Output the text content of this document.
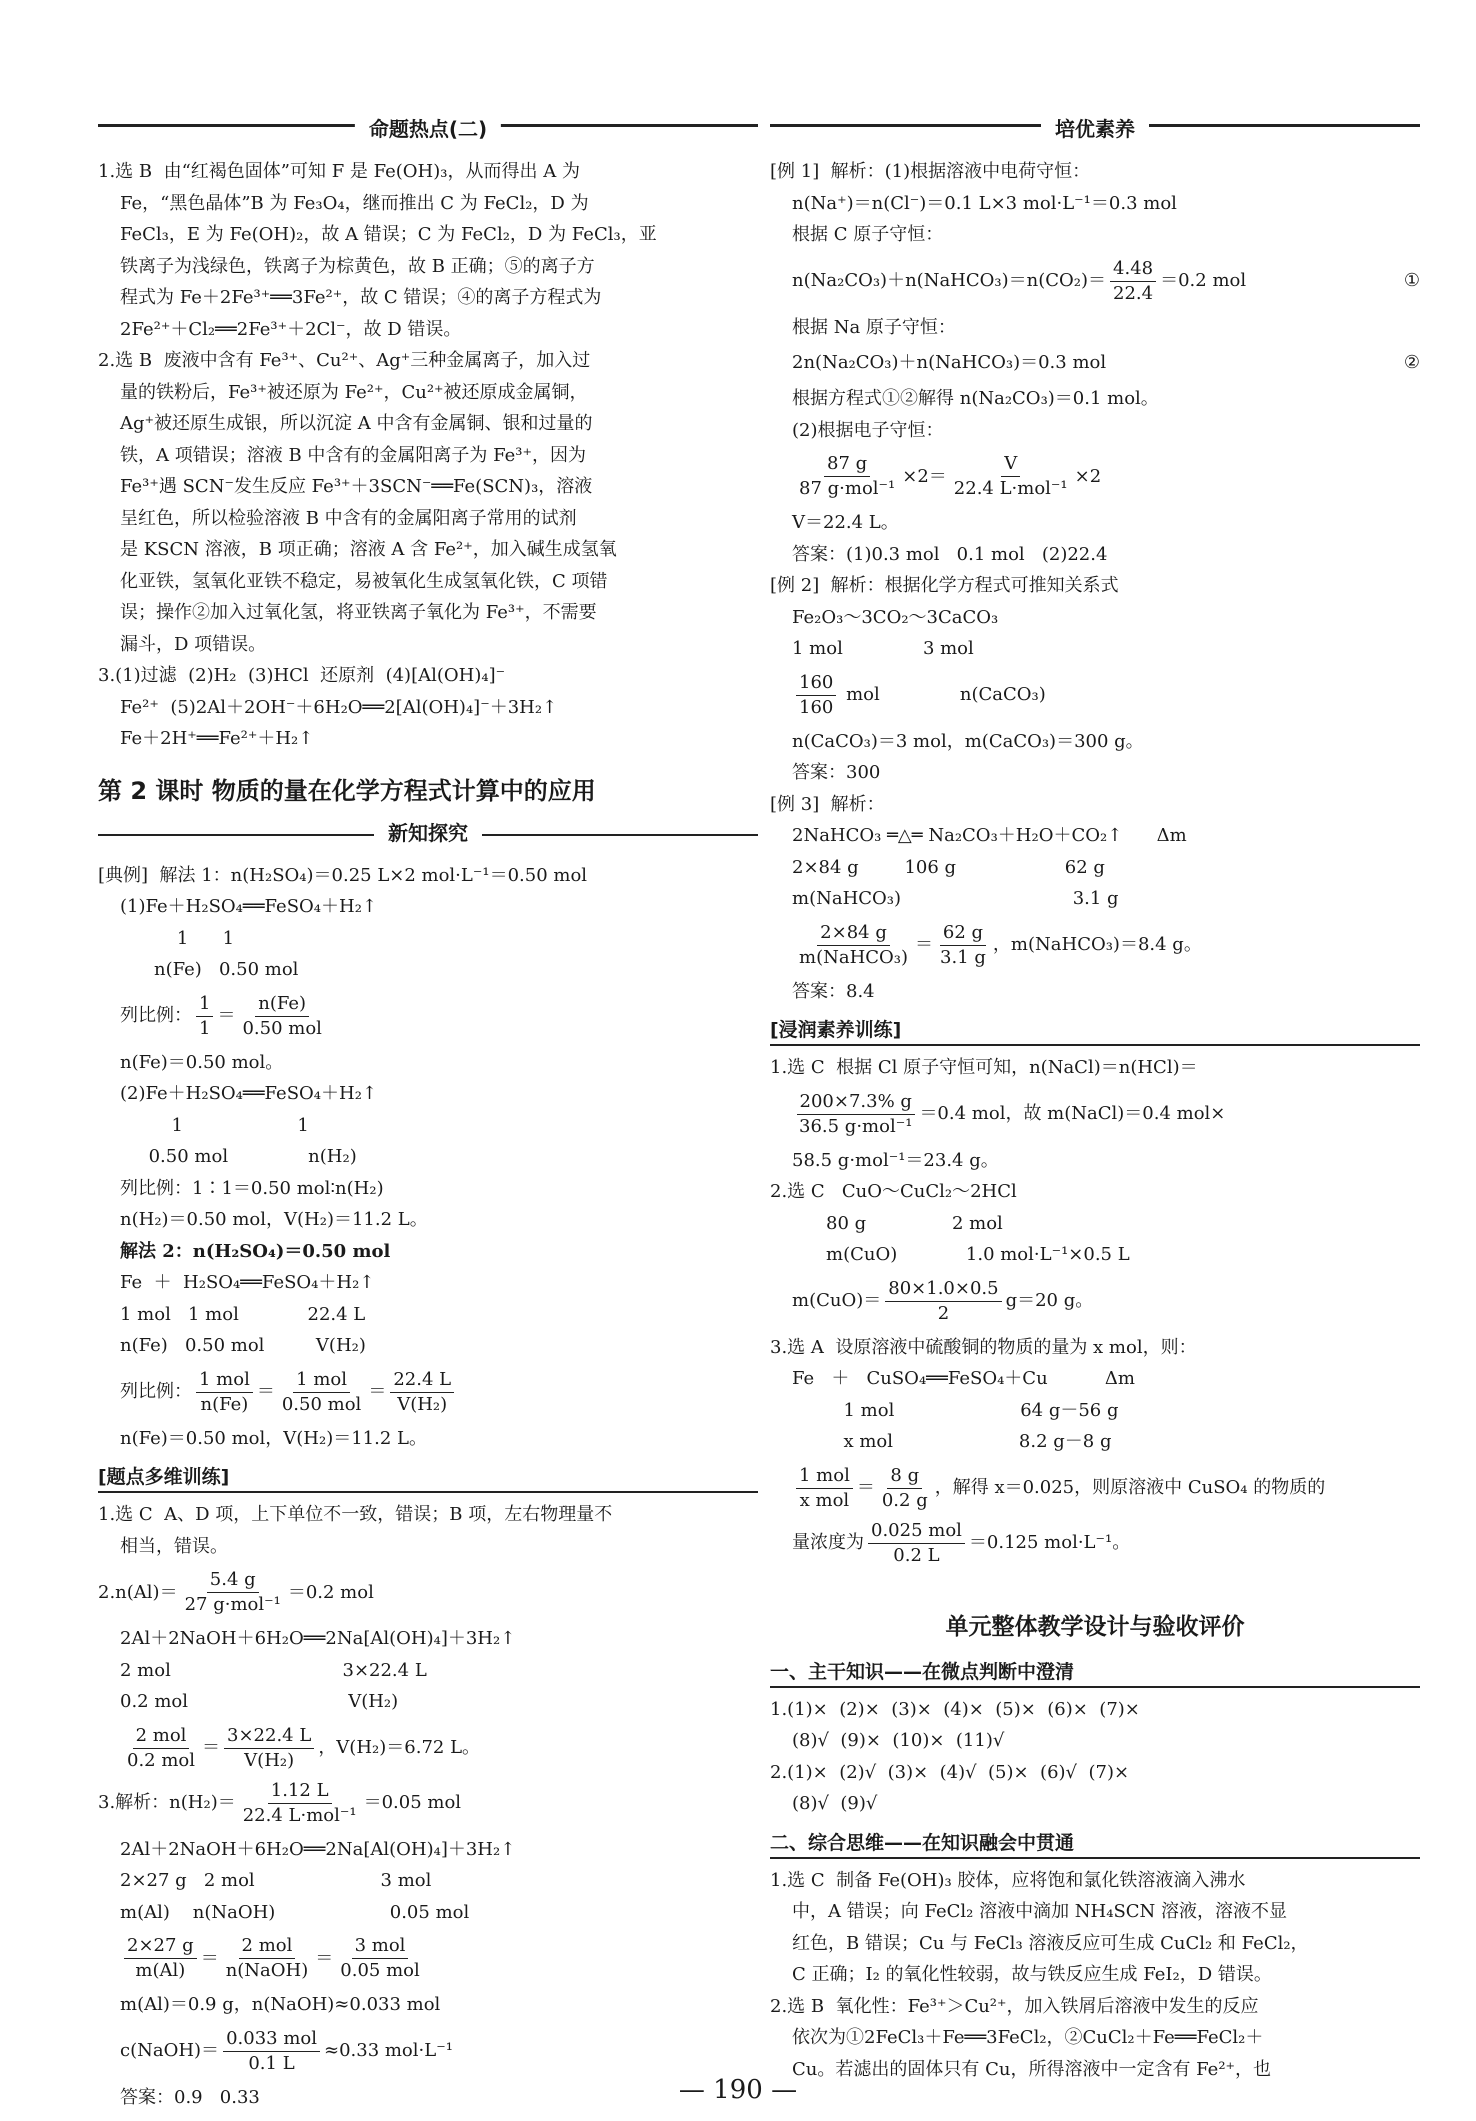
命题热点(二)
1.选 B  由“红褐色固体”可知 F 是 Fe(OH)₃，从而得出 A 为
Fe，“黑色晶体”B 为 Fe₃O₄，继而推出 C 为 FeCl₂，D 为
FeCl₃，E 为 Fe(OH)₂，故 A 错误；C 为 FeCl₂，D 为 FeCl₃，亚
铁离子为浅绿色，铁离子为棕黄色，故 B 正确；⑤的离子方
程式为 Fe＋2Fe³⁺══3Fe²⁺，故 C 错误；④的离子方程式为
2Fe²⁺＋Cl₂══2Fe³⁺＋2Cl⁻，故 D 错误。
2.选 B  废液中含有 Fe³⁺、Cu²⁺、Ag⁺三种金属离子，加入过
量的铁粉后，Fe³⁺被还原为 Fe²⁺，Cu²⁺被还原成金属铜，
Ag⁺被还原生成银，所以沉淀 A 中含有金属铜、银和过量的
铁，A 项错误；溶液 B 中含有的金属阳离子为 Fe³⁺，因为
Fe³⁺遇 SCN⁻发生反应 Fe³⁺＋3SCN⁻══Fe(SCN)₃，溶液
呈红色，所以检验溶液 B 中含有的金属阳离子常用的试剂
是 KSCN 溶液，B 项正确；溶液 A 含 Fe²⁺，加入碱生成氢氧
化亚铁，氢氧化亚铁不稳定，易被氧化生成氢氧化铁，C 项错
误；操作②加入过氧化氢，将亚铁离子氧化为 Fe³⁺，不需要
漏斗，D 项错误。
3.(1)过滤  (2)H₂  (3)HCl  还原剂  (4)[Al(OH)₄]⁻
Fe²⁺  (5)2Al＋2OH⁻＋6H₂O══2[Al(OH)₄]⁻＋3H₂↑
Fe＋2H⁺══Fe²⁺＋H₂↑
第 2 课时 物质的量在化学方程式计算中的应用
新知探究
[典例]  解法 1：n(H₂SO₄)＝0.25 L×2 mol·L⁻¹＝0.50 mol
(1)Fe＋H₂SO₄══FeSO₄＋H₂↑
1      1
n(Fe)   0.50 mol
列比例： $\frac{1}{1}$ ＝
n(Fe)
0.50 mol
n(Fe)＝0.50 mol。
(2)Fe＋H₂SO₄══FeSO₄＋H₂↑
1                    1
0.50 mol              n(H₂)
列比例：1∶1＝0.50 mol∶n(H₂)
n(H₂)＝0.50 mol，V(H₂)＝11.2 L。
解法 2：n(H₂SO₄)＝0.50 mol
Fe  ＋  H₂SO₄══FeSO₄＋H₂↑
1 mol   1 mol            22.4 L
n(Fe)   0.50 mol         V(H₂)
列比例：
1 mol
n(Fe)
＝
1 mol
0.50 mol
＝ $\frac{22.4 L}{\text{V(H₂)}}$
n(Fe)＝0.50 mol，V(H₂)＝11.2 L。
[题点多维训练]
1.选 C  A、D 项，上下单位不一致，错误；B 项，左右物理量不
相当，错误。
2.n(Al)＝
5.4 g
27 g·mol⁻¹
＝0.2 mol
2Al＋2NaOH＋6H₂O══2Na[Al(OH)₄]＋3H₂↑
2 mol                              3×22.4 L
0.2 mol                            V(H₂)
2 mol
0.2 mol
＝ $\frac{3\times 22.4 L}{\text{V(H₂)}}$ ，V(H₂)＝6.72 L。
3.解析：n(H₂)＝
1.12 L
22.4 L·mol⁻¹
＝0.05 mol
2Al＋2NaOH＋6H₂O══2Na[Al(OH)₄]＋3H₂↑
2×27 g   2 mol                      3 mol
m(Al)    n(NaOH)                    0.05 mol
$\frac{2\times 27 g}{m(Al)}$ ＝
2 mol
n(NaOH)
＝
3 mol
0.05 mol
m(Al)＝0.9 g，n(NaOH)≈0.033 mol
c(NaOH)＝
0.033 mol
0.1 L
≈0.33 mol·L⁻¹
答案：0.9   0.33
培优素养
[例 1]  解析：(1)根据溶液中电荷守恒：
n(Na⁺)＝n(Cl⁻)＝0.1 L×3 mol·L⁻¹＝0.3 mol
根据 C 原子守恒：
n(Na₂CO₃)＋n(NaHCO₃)＝n(CO₂)＝ $\frac{4.48}{22.4} =0.2$ mol	①
根据 Na 原子守恒：
2n(Na₂CO₃)＋n(NaHCO₃)＝0.3 mol	②
根据方程式①②解得 n(Na₂CO₃)＝0.1 mol。
(2)根据电子守恒：
87 g
87 g·mol⁻¹
×2＝
V
22.4 L·mol⁻¹
×2
V＝22.4 L。
答案：(1)0.3 mol   0.1 mol   (2)22.4
[例 2]  解析：根据化学方程式可推知关系式
Fe₂O₃～3CO₂～3CaCO₃
1 mol              3 mol
$\frac{160}{160}$ mol              n(CaCO₃)
n(CaCO₃)＝3 mol，m(CaCO₃)＝300 g。
答案：300
[例 3]  解析：
2NaHCO₃ ═△═ Na₂CO₃＋H₂O＋CO₂↑      Δm
2×84 g        106 g                   62 g
m(NaHCO₃)                              3.1 g
2×84 g
m(NaHCO₃)
＝ $\frac{62 g}{3.1 g}$ ，m(NaHCO₃)＝8.4 g。
答案：8.4
[浸润素养训练]
1.选 C  根据 Cl 原子守恒可知，n(NaCl)＝n(HCl)＝
200×7.3% g
36.5 g·mol⁻¹
＝0.4 mol，故 m(NaCl)＝0.4 mol×
58.5 g·mol⁻¹＝23.4 g。
2.选 C   CuO～CuCl₂～2HCl
80 g               2 mol
m(CuO)            1.0 mol·L⁻¹×0.5 L
$m(CuO)= \frac{80\times 1.0\times 0.5}{2} g=20$ g。
3.选 A  设原溶液中硫酸铜的物质的量为 x mol，则：
Fe   ＋   CuSO₄══FeSO₄＋Cu          Δm
1 mol                      64 g－56 g
x mol                      8.2 g－8 g
1 mol
x mol
＝ $\frac{8 g}{0.2 g}$ ，解得 x＝0.025，则原溶液中 CuSO₄ 的物质的
量浓度为
0.025 mol
0.2 L
＝0.125 mol·L⁻¹。
单元整体教学设计与验收评价
一、主干知识——在微点判断中澄清
1.(1)×  (2)×  (3)×  (4)×  (5)×  (6)×  (7)×
(8)√  (9)×  (10)×  (11)√
2.(1)×  (2)√  (3)×  (4)√  (5)×  (6)√  (7)×
(8)√  (9)√
二、综合思维——在知识融会中贯通
1.选 C  制备 Fe(OH)₃ 胶体，应将饱和氯化铁溶液滴入沸水
中，A 错误；向 FeCl₂ 溶液中滴加 NH₄SCN 溶液，溶液不显
红色，B 错误；Cu 与 FeCl₃ 溶液反应可生成 CuCl₂ 和 FeCl₂，
C 正确；I₂ 的氧化性较弱，故与铁反应生成 FeI₂，D 错误。
2.选 B  氧化性：Fe³⁺＞Cu²⁺，加入铁屑后溶液中发生的反应
依次为①2FeCl₃＋Fe══3FeCl₂，②CuCl₂＋Fe══FeCl₂＋
Cu。若滤出的固体只有 Cu，所得溶液中一定含有 Fe²⁺，也
— 190 —
